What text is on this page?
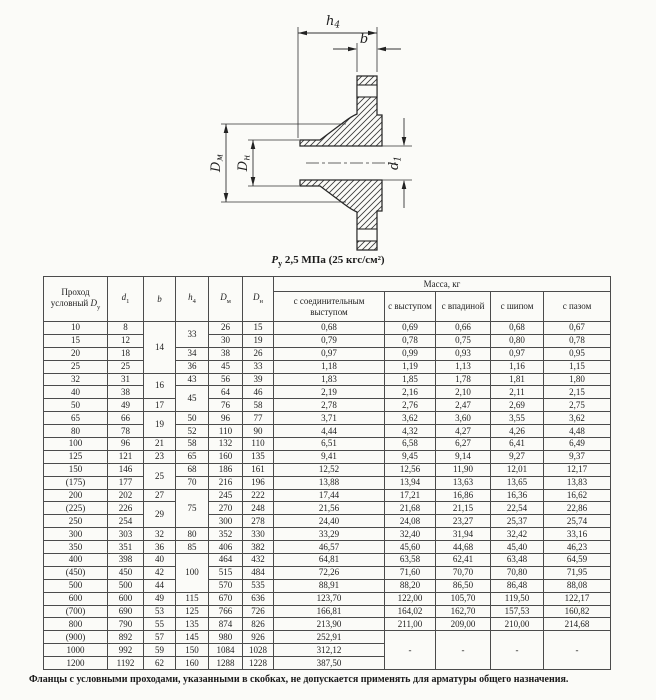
h4
b
Dм
Dн
d1
$P_у$ 2,5 МПа (25 кгс/см²)
Проход условный $D_у$	$d_1$	b	$h_4$	$D_м$	$D_н$	Масса, кг				
						с соединительным выступом	с выступом	с впадиной	с шипом	с пазом
10	8	14	33	26	15	0,68	0,69	0,66	0,68	0,67
15	12			30	19	0,79	0,78	0,75	0,80	0,78
20	18		34	38	26	0,97	0,99	0,93	0,97	0,95
25	25		36	45	33	1,18	1,19	1,13	1,16	1,15
32	31	16	43	56	39	1,83	1,85	1,78	1,81	1,80
40	38		45	64	46	2,19	2,16	2,10	2,11	2,15
50	49	17		76	58	2,78	2,76	2,47	2,69	2,75
65	66	19	50	96	77	3,71	3,62	3,60	3,55	3,62
80	78		52	110	90	4,44	4,32	4,27	4,26	4,48
100	96	21	58	132	110	6,51	6,58	6,27	6,41	6,49
125	121	23	65	160	135	9,41	9,45	9,14	9,27	9,37
150	146	25	68	186	161	12,52	12,56	11,90	12,01	12,17
(175)	177		70	216	196	13,88	13,94	13,63	13,65	13,83
200	202	27	75	245	222	17,44	17,21	16,86	16,36	16,62
(225)	226	29		270	248	21,56	21,68	21,15	22,54	22,86
250	254			300	278	24,40	24,08	23,27	25,37	25,74
300	303	32	80	352	330	33,29	32,40	31,94	32,42	33,16
350	351	36	85	406	382	46,57	45,60	44,68	45,40	46,23
400	398	40	100	464	432	64,81	63,58	62,41	63,48	64,59
(450)	450	42		515	484	72,26	71,60	70,70	70,80	71,95
500	500	44		570	535	88,91	88,20	86,50	86,48	88,08
600	600	49	115	670	636	123,70	122,00	105,70	119,50	122,17
(700)	690	53	125	766	726	166,81	164,02	162,70	157,53	160,82
800	790	55	135	874	826	213,90	211,00	209,00	210,00	214,68
(900)	892	57	145	980	926	252,91	-	-	-	-
1000	992	59	150	1084	1028	312,12				
1200	1192	62	160	1288	1228	387,50				
Фланцы с условными проходами, указанными в скобках, не допускается применять для арматуры общего назначения.
